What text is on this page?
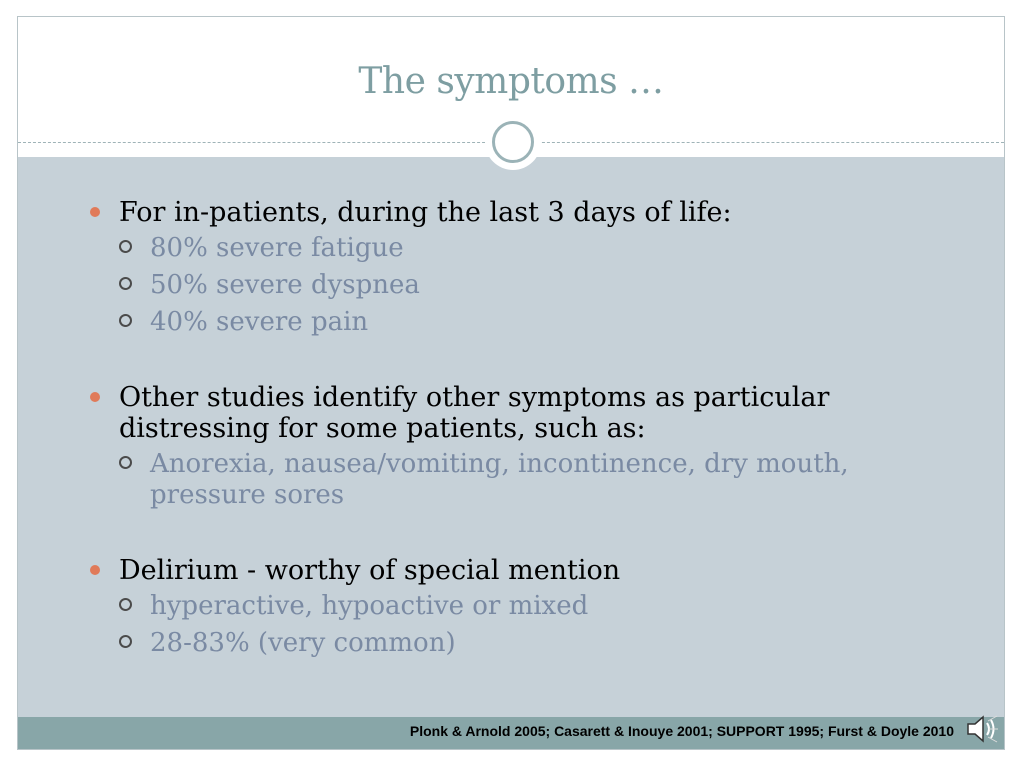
The symptoms …
For in-patients, during the last 3 days of life:
80% severe fatigue
50% severe dyspnea
40% severe pain
Other studies identify other symptoms as particular distressing for some patients, such as:
Anorexia, nausea/vomiting, incontinence, dry mouth, pressure sores
Delirium - worthy of special mention
hyperactive, hypoactive or mixed
28-83% (very common)
Plonk & Arnold 2005; Casarett & Inouye 2001; SUPPORT 1995; Furst & Doyle 2010
